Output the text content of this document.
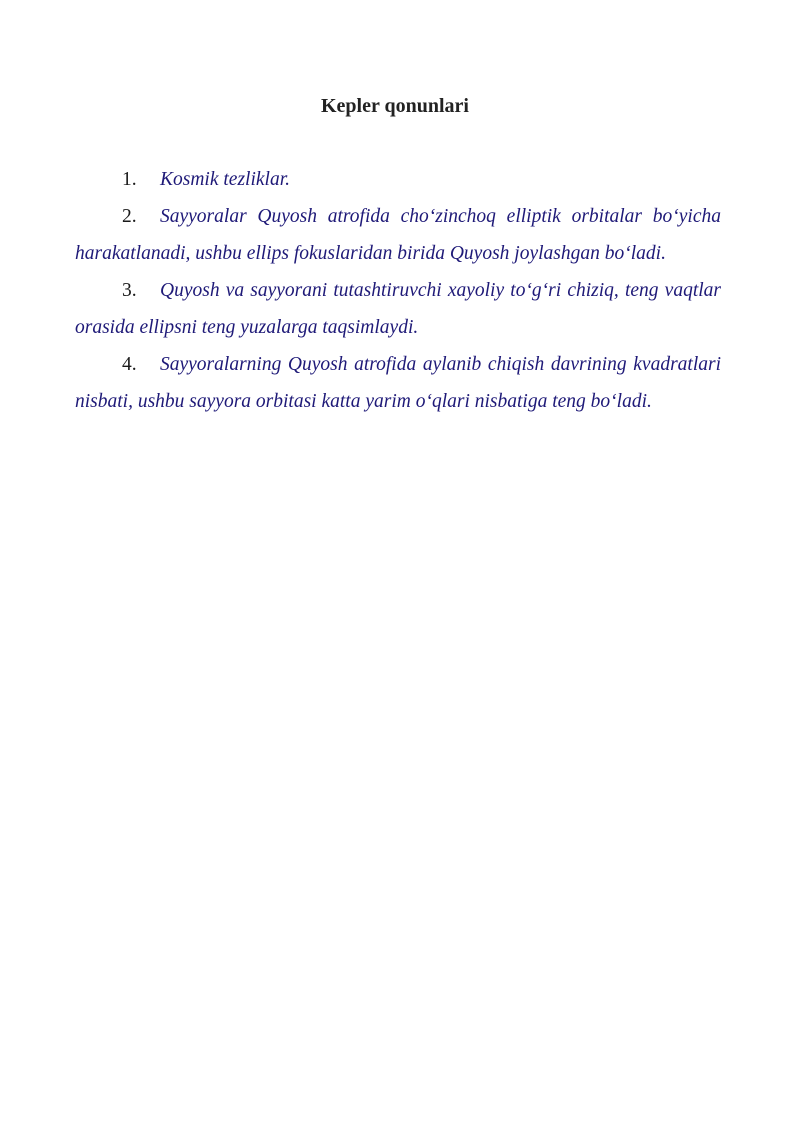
Kepler qonunlari

1. Kosmik tezliklar.

2. Sayyoralar Quyosh atrofida cho‘zinchoq elliptik orbitalar bo‘yicha harakatlanadi, ushbu ellips fokuslaridan birida Quyosh joylashgan bo‘ladi.

3. Quyosh va sayyorani tutashtiruvchi xayoliy to‘g‘ri chiziq, teng vaqtlar orasida ellipsni teng yuzalarga taqsimlaydi.

4. Sayyoralarning Quyosh atrofida aylanib chiqish davrining kvadratlari nisbati, ushbu sayyora orbitasi katta yarim o‘qlari nisbatiga teng bo‘ladi.
